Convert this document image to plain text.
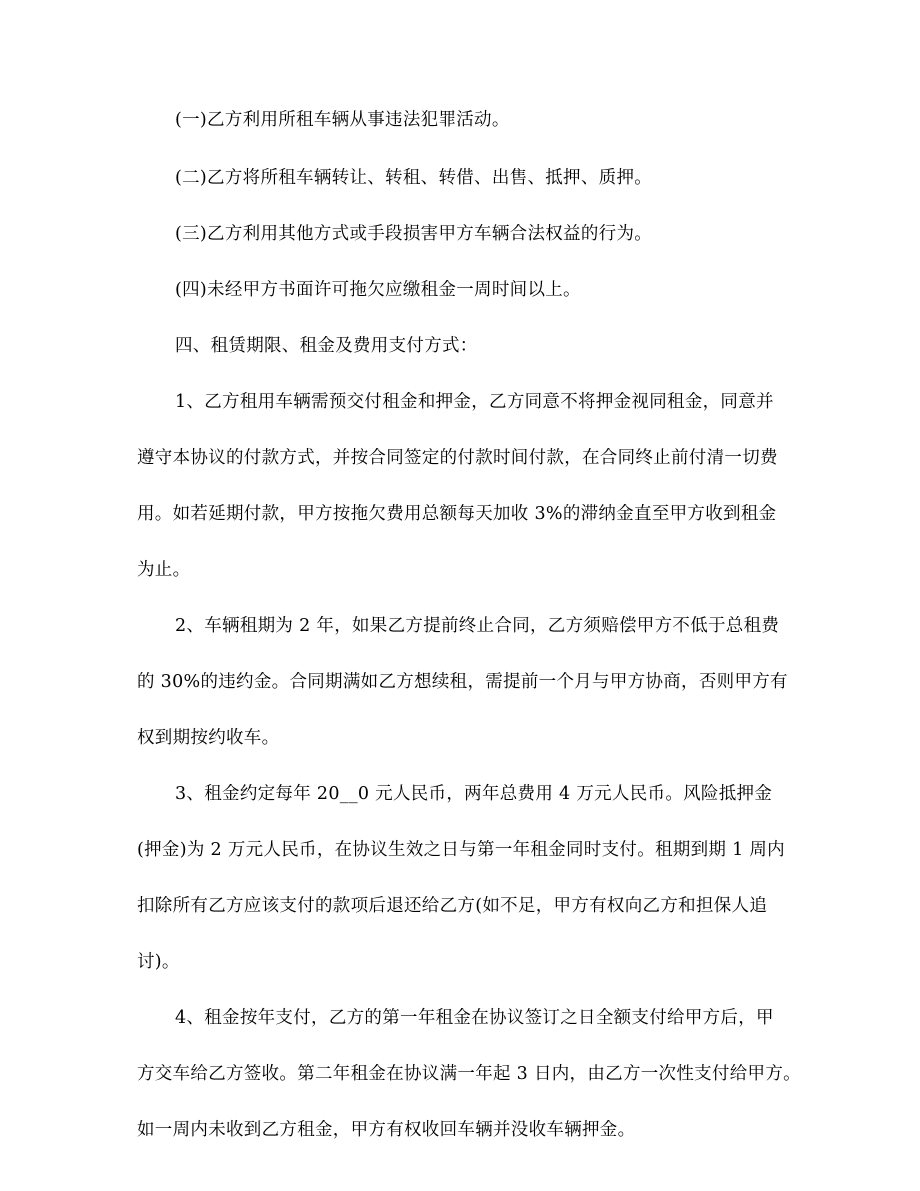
(一)乙方利用所租车辆从事违法犯罪活动。
(二)乙方将所租车辆转让、转租、转借、出售、抵押、质押。
(三)乙方利用其他方式或手段损害甲方车辆合法权益的行为。
(四)未经甲方书面许可拖欠应缴租金一周时间以上。
四、租赁期限、租金及费用支付方式：
1、乙方租用车辆需预交付租金和押金，乙方同意不将押金视同租金，同意并
遵守本协议的付款方式，并按合同签定的付款时间付款，在合同终止前付清一切费
用。如若延期付款，甲方按拖欠费用总额每天加收 3%的滞纳金直至甲方收到租金
为止。
2、车辆租期为 2 年，如果乙方提前终止合同，乙方须赔偿甲方不低于总租费
的 30%的违约金。合同期满如乙方想续租，需提前一个月与甲方协商，否则甲方有
权到期按约收车。
3、租金约定每年 20__0 元人民币，两年总费用 4 万元人民币。风险抵押金
(押金)为 2 万元人民币，在协议生效之日与第一年租金同时支付。租期到期 1 周内
扣除所有乙方应该支付的款项后退还给乙方(如不足，甲方有权向乙方和担保人追
讨)。
4、租金按年支付，乙方的第一年租金在协议签订之日全额支付给甲方后，甲
方交车给乙方签收。第二年租金在协议满一年起 3 日内，由乙方一次性支付给甲方。
如一周内未收到乙方租金，甲方有权收回车辆并没收车辆押金。
